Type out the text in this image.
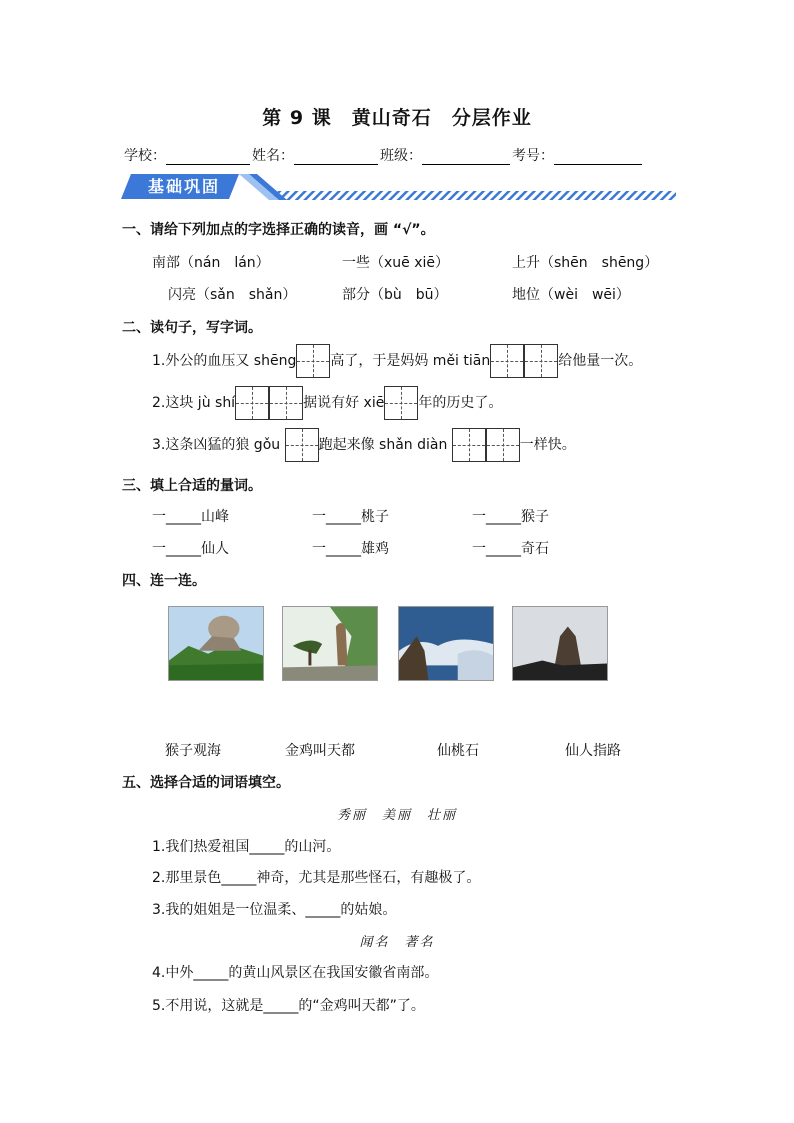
第 9 课　黄山奇石　分层作业
学校：	姓名：	班级：	考号：
基础巩固
一、请给下列加点的字选择正确的读音，画 “√”。
南部（nán　lán）	一些（xuē xiē）	上升（shēn　shēng）
闪亮（sǎn　shǎn）	部分（bù　bū）	地位（wèi　wēi）
二、读句子，写字词。
1.外公的血压又 shēng 高了，于是妈妈 měi tiān	给他量一次。
2.这块 jù shí	据说有好 xiē 年的历史了。
3.这条凶猛的狼 gǒu	跑起来像 shǎn diàn	一样快。
三、填上合适的量词。
一_____山峰	一_____桃子	一_____猴子
一_____仙人	一_____雄鸡	一_____奇石
四、连一连。
猴子观海	金鸡叫天都	仙桃石	仙人指路
五、选择合适的词语填空。
秀丽　美丽　壮丽
1.我们热爱祖国_____的山河。
2.那里景色_____神奇，尤其是那些怪石，有趣极了。
3.我的姐姐是一位温柔、_____的姑娘。
闻名　著名
4.中外_____的黄山风景区在我国安徽省南部。
5.不用说，这就是_____的“金鸡叫天都”了。
